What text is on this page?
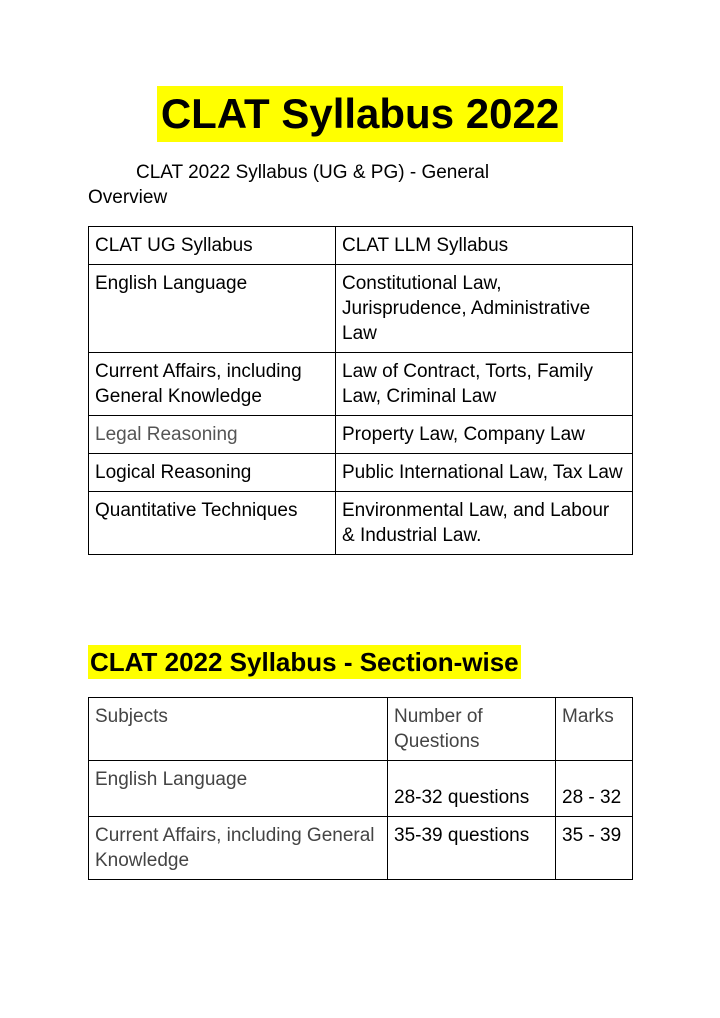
CLAT Syllabus 2022
CLAT 2022 Syllabus (UG & PG) - General Overview
CLAT UG Syllabus	CLAT LLM Syllabus
English Language	Constitutional Law, Jurisprudence, Administrative Law
Current Affairs, including General Knowledge	Law of Contract, Torts, Family Law, Criminal Law
Legal Reasoning	Property Law, Company Law
Logical Reasoning	Public International Law, Tax Law
Quantitative Techniques	Environmental Law, and Labour & Industrial Law.
CLAT 2022 Syllabus - Section-wise
Subjects	Number of Questions	Marks
English Language	28-32 questions	28 - 32
Current Affairs, including General Knowledge	35-39 questions	35 - 39
